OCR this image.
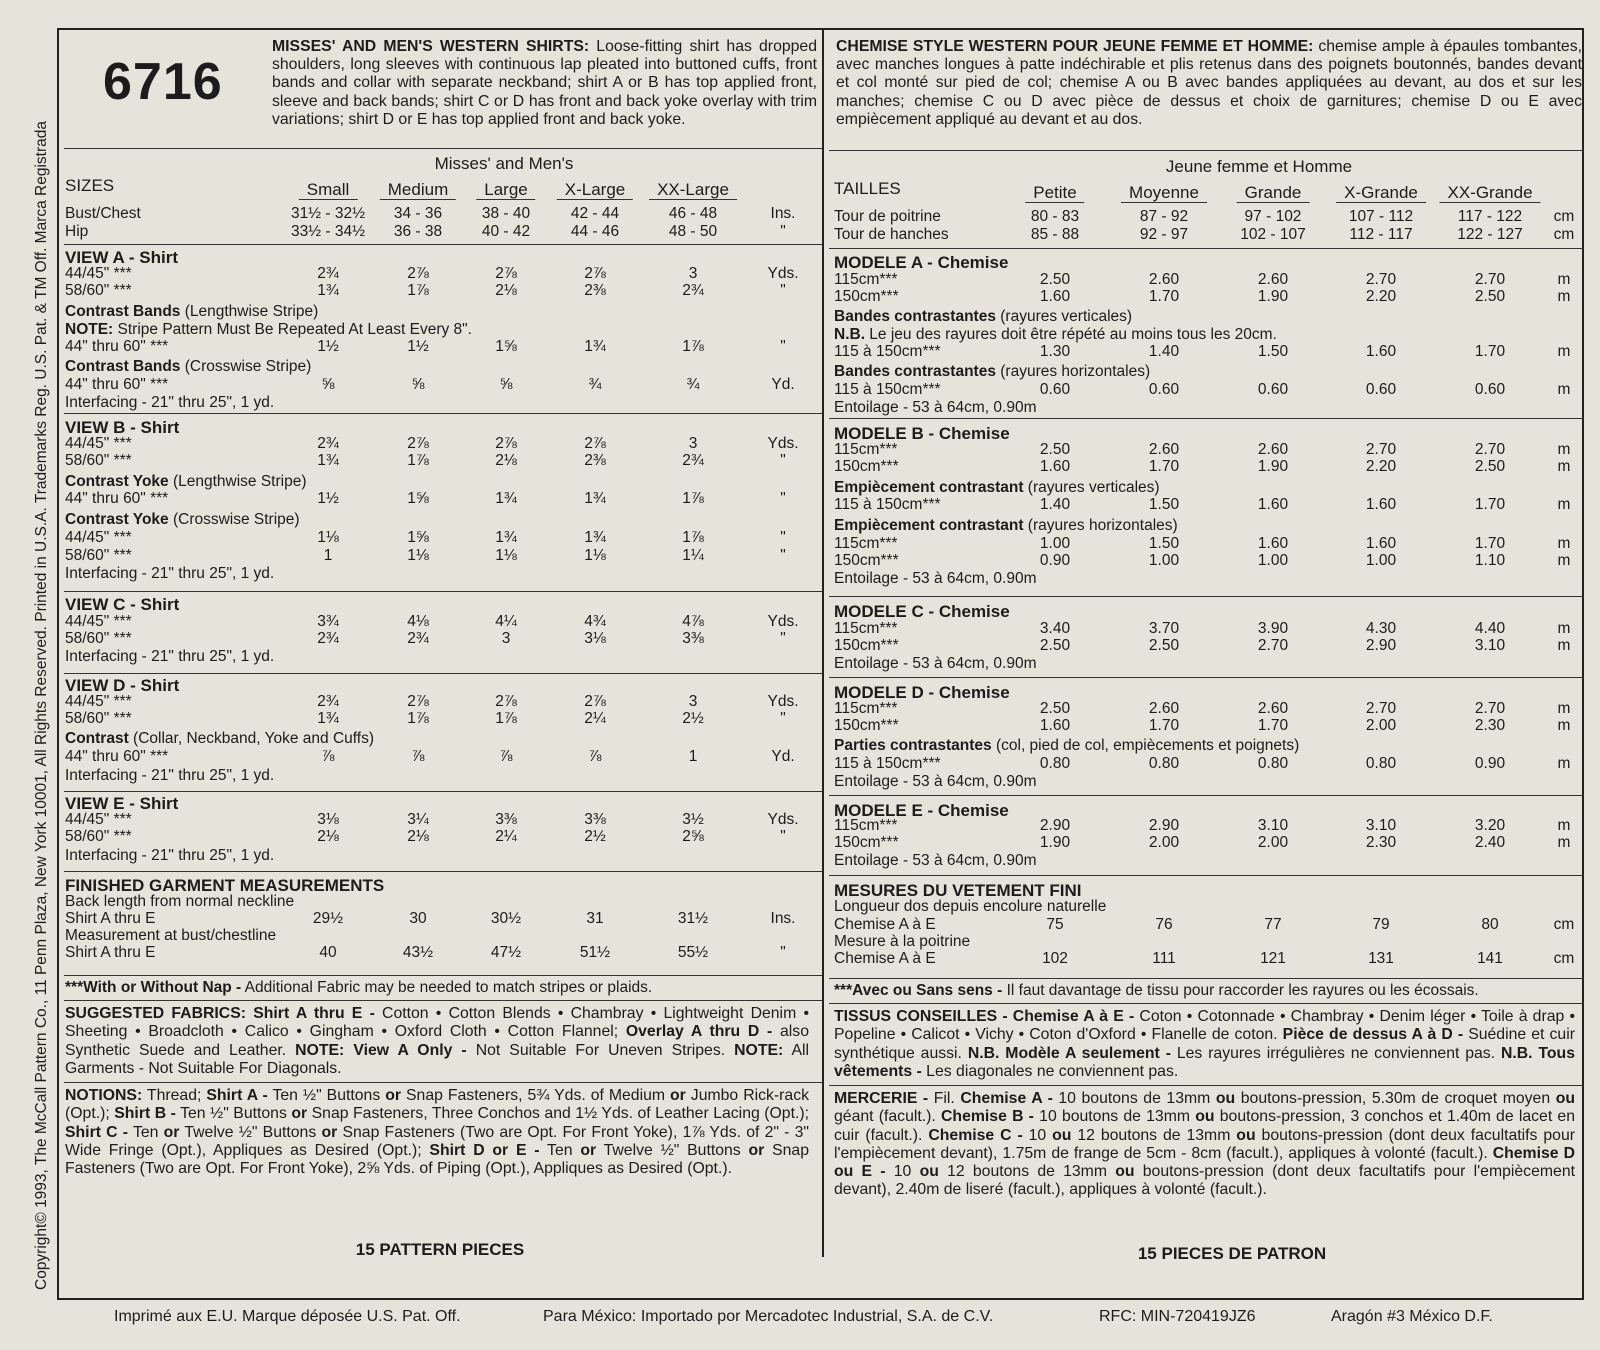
Copyright© 1993, The McCall Pattern Co., 11 Penn Plaza, New York 10001, All Rights Reserved. Printed in U.S.A. Trademarks Reg. U.S. Pat. & TM Off. Marca Registrada
6716
MISSES' AND MEN'S WESTERN SHIRTS: Loose-fitting shirt has dropped shoulders, long sleeves with continuous lap pleated into buttoned cuffs, front bands and collar with separate neckband; shirt A or B has top applied front, sleeve and back bands; shirt C or D has front and back yoke overlay with trim variations; shirt D or E has top applied front and back yoke.
Misses' and Men's
SIZES	Small	Medium	Large	X-Large	XX-Large
Bust/Chest	31½ - 32½ 34 - 36	38 - 40	42 - 44	46 - 48	Ins.
Hip	33½ - 34½ 36 - 38	40 - 42	44 - 46	48 - 50	"
VIEW A - Shirt
44/45" ***	2¾	2⅞	2⅞	2⅞	3	Yds.
58/60" ***	1¾	1⅞	2⅛	2⅜	2¾	"
Contrast Bands (Lengthwise Stripe)
NOTE: Stripe Pattern Must Be Repeated At Least Every 8".
44" thru 60" ***	1½	1½	1⅝	1¾	1⅞	"
Contrast Bands (Crosswise Stripe)
44" thru 60" ***	⅝	⅝	⅝	¾	¾	Yd.
Interfacing - 21" thru 25", 1 yd.
VIEW B - Shirt
44/45" ***	2¾	2⅞	2⅞	2⅞	3	Yds.
58/60" ***	1¾	1⅞	2⅛	2⅜	2¾	"
Contrast Yoke (Lengthwise Stripe)
44" thru 60" ***	1½	1⅝	1¾	1¾	1⅞	"
Contrast Yoke (Crosswise Stripe)
44/45" ***	1⅛	1⅝	1¾	1¾	1⅞	"
58/60" ***	1	1⅛	1⅛	1⅛	1¼	"
Interfacing - 21" thru 25", 1 yd.
VIEW C - Shirt
44/45" ***	3¾	4⅛	4¼	4¾	4⅞	Yds.
58/60" ***	2¾	2¾	3	3⅛	3⅜	"
Interfacing - 21" thru 25", 1 yd.
VIEW D - Shirt
44/45" ***	2¾	2⅞	2⅞	2⅞	3	Yds.
58/60" ***	1¾	1⅞	1⅞	2¼	2½	"
Contrast (Collar, Neckband, Yoke and Cuffs)
44" thru 60" ***	⅞	⅞	⅞	⅞	1	Yd.
Interfacing - 21" thru 25", 1 yd.
VIEW E - Shirt
44/45" ***	3⅛	3¼	3⅜	3⅜	3½	Yds.
58/60" ***	2⅛	2⅛	2¼	2½	2⅝	"
Interfacing - 21" thru 25", 1 yd.
FINISHED GARMENT MEASUREMENTS
Back length from normal neckline
Shirt A thru E	29½	30	30½	31	31½	Ins.
Measurement at bust/chestline
Shirt A thru E	40	43½	47½	51½	55½	"
***With or Without Nap - Additional Fabric may be needed to match stripes or plaids.
SUGGESTED FABRICS: Shirt A thru E - Cotton • Cotton Blends • Chambray • Lightweight Denim • Sheeting • Broadcloth • Calico • Gingham • Oxford Cloth • Cotton Flannel; Overlay A thru D - also Synthetic Suede and Leather. NOTE: View A Only - Not Suitable For Uneven Stripes. NOTE: All Garments - Not Suitable For Diagonals.
NOTIONS: Thread; Shirt A - Ten ½" Buttons or Snap Fasteners, 5¾ Yds. of Medium or Jumbo Rick-rack (Opt.); Shirt B - Ten ½" Buttons or Snap Fasteners, Three Conchos and 1½ Yds. of Leather Lacing (Opt.); Shirt C - Ten or Twelve ½" Buttons or Snap Fasteners (Two are Opt. For Front Yoke), 1⅞ Yds. of 2" - 3" Wide Fringe (Opt.), Appliques as Desired (Opt.); Shirt D or E - Ten or Twelve ½" Buttons or Snap Fasteners (Two are Opt. For Front Yoke), 2⅝ Yds. of Piping (Opt.), Appliques as Desired (Opt.).
15 PATTERN PIECES
CHEMISE STYLE WESTERN POUR JEUNE FEMME ET HOMME: chemise ample à épaules tombantes, avec manches longues à patte indéchirable et plis retenus dans des poignets boutonnés, bandes devant et col monté sur pied de col; chemise A ou B avec bandes appliquées au devant, au dos et sur les manches; chemise C ou D avec pièce de dessus et choix de garnitures; chemise D ou E avec empiècement appliqué au devant et au dos.
Jeune femme et Homme
TAILLES	Petite	Moyenne	Grande	X-Grande	XX-Grande
Tour de poitrine	80 - 83	87 - 92	97 - 102	107 - 112	117 - 122 cm
Tour de hanches	85 - 88	92 - 97	102 - 107	112 - 117	122 - 127 cm
MODELE A - Chemise
115cm***	2.50	2.60	2.60	2.70	2.70	m
150cm***	1.60	1.70	1.90	2.20	2.50	m
Bandes contrastantes (rayures verticales)
N.B. Le jeu des rayures doit être répété au moins tous les 20cm.
115 à 150cm***	1.30	1.40	1.50	1.60	1.70	m
Bandes contrastantes (rayures horizontales)
115 à 150cm***	0.60	0.60	0.60	0.60	0.60	m
Entoilage - 53 à 64cm, 0.90m
MODELE B - Chemise
115cm***	2.50	2.60	2.60	2.70	2.70	m
150cm***	1.60	1.70	1.90	2.20	2.50	m
Empiècement contrastant (rayures verticales)
115 à 150cm***	1.40	1.50	1.60	1.60	1.70	m
Empiècement contrastant (rayures horizontales)
115cm***	1.00	1.50	1.60	1.60	1.70	m
150cm***	0.90	1.00	1.00	1.00	1.10	m
Entoilage - 53 à 64cm, 0.90m
MODELE C - Chemise
115cm***	3.40	3.70	3.90	4.30	4.40	m
150cm***	2.50	2.50	2.70	2.90	3.10	m
Entoilage - 53 à 64cm, 0.90m
MODELE D - Chemise
115cm***	2.50	2.60	2.60	2.70	2.70	m
150cm***	1.60	1.70	1.70	2.00	2.30	m
Parties contrastantes (col, pied de col, empiècements et poignets)
115 à 150cm***	0.80	0.80	0.80	0.80	0.90	m
Entoilage - 53 à 64cm, 0.90m
MODELE E - Chemise
115cm***	2.90	2.90	3.10	3.10	3.20	m
150cm***	1.90	2.00	2.00	2.30	2.40	m
Entoilage - 53 à 64cm, 0.90m
MESURES DU VETEMENT FINI
Longueur dos depuis encolure naturelle
Chemise A à E	75	76	77	79	80	cm
Mesure à la poitrine
Chemise A à E	102	111	121	131	141	cm
***Avec ou Sans sens - Il faut davantage de tissu pour raccorder les rayures ou les écossais.
TISSUS CONSEILLES - Chemise A à E - Coton • Cotonnade • Chambray • Denim léger • Toile à drap • Popeline • Calicot • Vichy • Coton d'Oxford • Flanelle de coton. Pièce de dessus A à D - Suédine et cuir synthétique aussi. N.B. Modèle A seulement - Les rayures irrégulières ne conviennent pas. N.B. Tous vêtements - Les diagonales ne conviennent pas.
MERCERIE - Fil. Chemise A - 10 boutons de 13mm ou boutons-pression, 5.30m de croquet moyen ou géant (facult.). Chemise B - 10 boutons de 13mm ou boutons-pression, 3 conchos et 1.40m de lacet en cuir (facult.). Chemise C - 10 ou 12 boutons de 13mm ou boutons-pression (dont deux facultatifs pour l'empiècement devant), 1.75m de frange de 5cm - 8cm (facult.), appliques à volonté (facult.). Chemise D ou E - 10 ou 12 boutons de 13mm ou boutons-pression (dont deux facultatifs pour l'empiècement devant), 2.40m de liseré (facult.), appliques à volonté (facult.).
15 PIECES DE PATRON
Imprimé aux E.U. Marque déposée U.S. Pat. Off.	Para México: Importado por Mercadotec Industrial, S.A. de C.V.	RFC: MIN-720419JZ6	Aragón #3 México D.F.
